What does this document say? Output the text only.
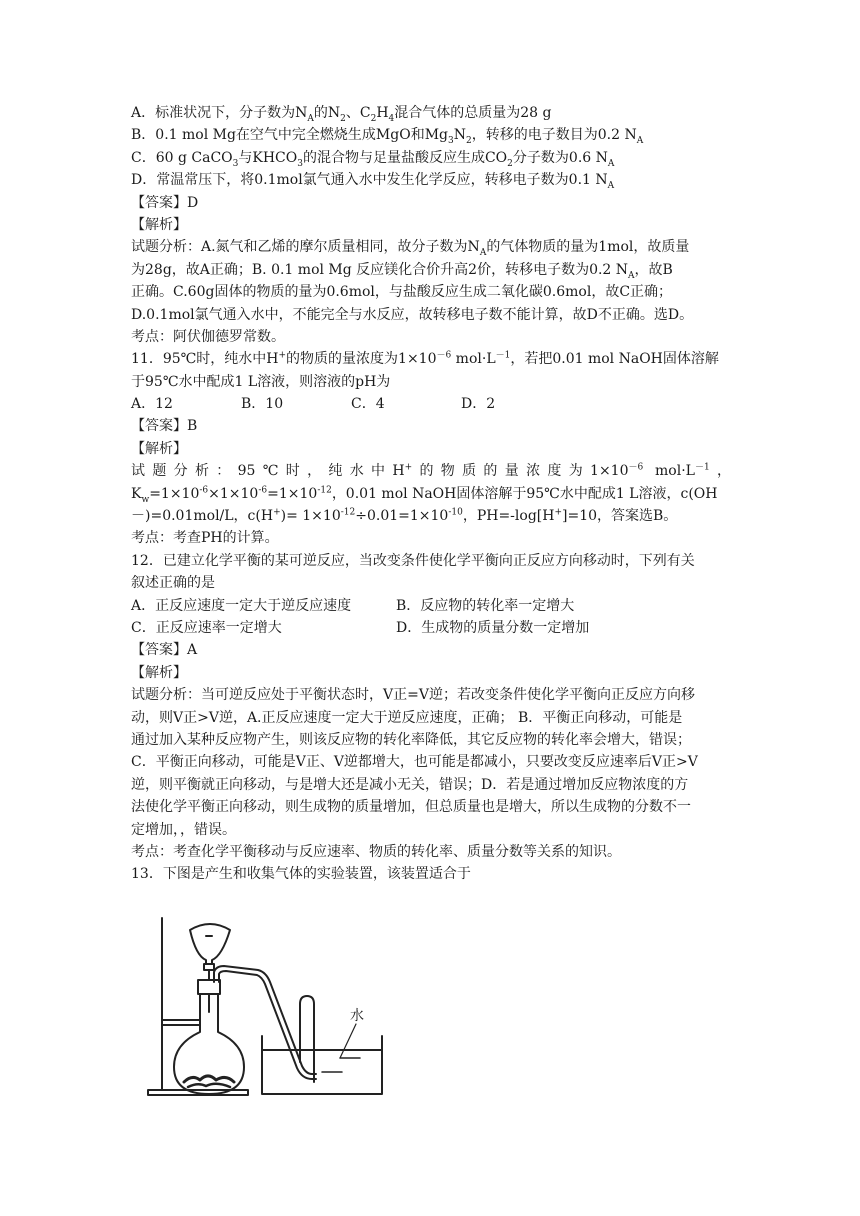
A．标准状况下，分子数为$N_A$的$N_2$、$C_2H_4$混合气体的总质量为28 g
B．0.1 mol Mg在空气中完全燃烧生成MgO和$Mg_3N_2$，转移的电子数目为0.2 $N_A$
C．60 g CaCO$_3$与$KHCO_3$的混合物与足量盐酸反应生成$CO_2$分子数为0.6 $N_A$
D．常温常压下，将0.1mol氯气通入水中发生化学反应，转移电子数为0.1 $N_A$
【答案】D
【解析】
试题分析：A.氮气和乙烯的摩尔质量相同，故分子数为$N_A$的气体物质的量为1mol，故质量
为28g，故A正确；B. 0.1 mol Mg 反应镁化合价升高2价，转移电子数为0.2 $N_A$，故B
正确。C.60g固体的物质的量为0.6mol，与盐酸反应生成二氧化碳0.6mol，故C正确；
D.0.1mol氯气通入水中，不能完全与水反应，故转移电子数不能计算，故D不正确。选D。
考点：阿伏伽德罗常数。
11．95℃时，纯水中H+的物质的量浓度为$1\times 10^{-6}$ $mol\cdot L^{-1}$，若把0.01 mol NaOH固体溶解
于95℃水中配成1 L溶液，则溶液的pH为
A．12	B．10	C．4	D．2
【答案】B
【解析】
试题分析：95℃时，纯水中H+的物质的量浓度为$1\times 10^{-6}$ $mol\cdot L^{-1}$，
$K_w=1\times 10^{-6}\times 1\times 10^{-6}=1\times 10^{-12}$，0.01 mol NaOH固体溶解于95℃水中配成1 L溶液，c(OH
－)=0.01mol/L，$c(H^+)= 1\times 10^{-12}\div 0.01=1\times 10^{-10}$，PH=-log[H+]=10，答案选B。
考点：考查PH的计算。
12．已建立化学平衡的某可逆反应，当改变条件使化学平衡向正反应方向移动时，下列有关
叙述正确的是
A．正反应速度一定大于逆反应速度	B．反应物的转化率一定增大
C．正反应速率一定增大	D．生成物的质量分数一定增加
【答案】A
【解析】
试题分析：当可逆反应处于平衡状态时，V正=V逆；若改变条件使化学平衡向正反应方向移
动，则V正>V逆，A.正反应速度一定大于逆反应速度，正确； B．平衡正向移动，可能是
通过加入某种反应物产生，则该反应物的转化率降低，其它反应物的转化率会增大，错误；
C．平衡正向移动，可能是V正、V逆都增大，也可能是都减小，只要改变反应速率后V正>V
逆，则平衡就正向移动，与是增大还是减小无关，错误；D．若是通过增加反应物浓度的方
法使化学平衡正向移动，则生成物的质量增加，但总质量也是增大，所以生成物的分数不一
定增加，，错误。
考点：考查化学平衡移动与反应速率、物质的转化率、质量分数等关系的知识。
13．下图是产生和收集气体的实验装置，该装置适合于
水
